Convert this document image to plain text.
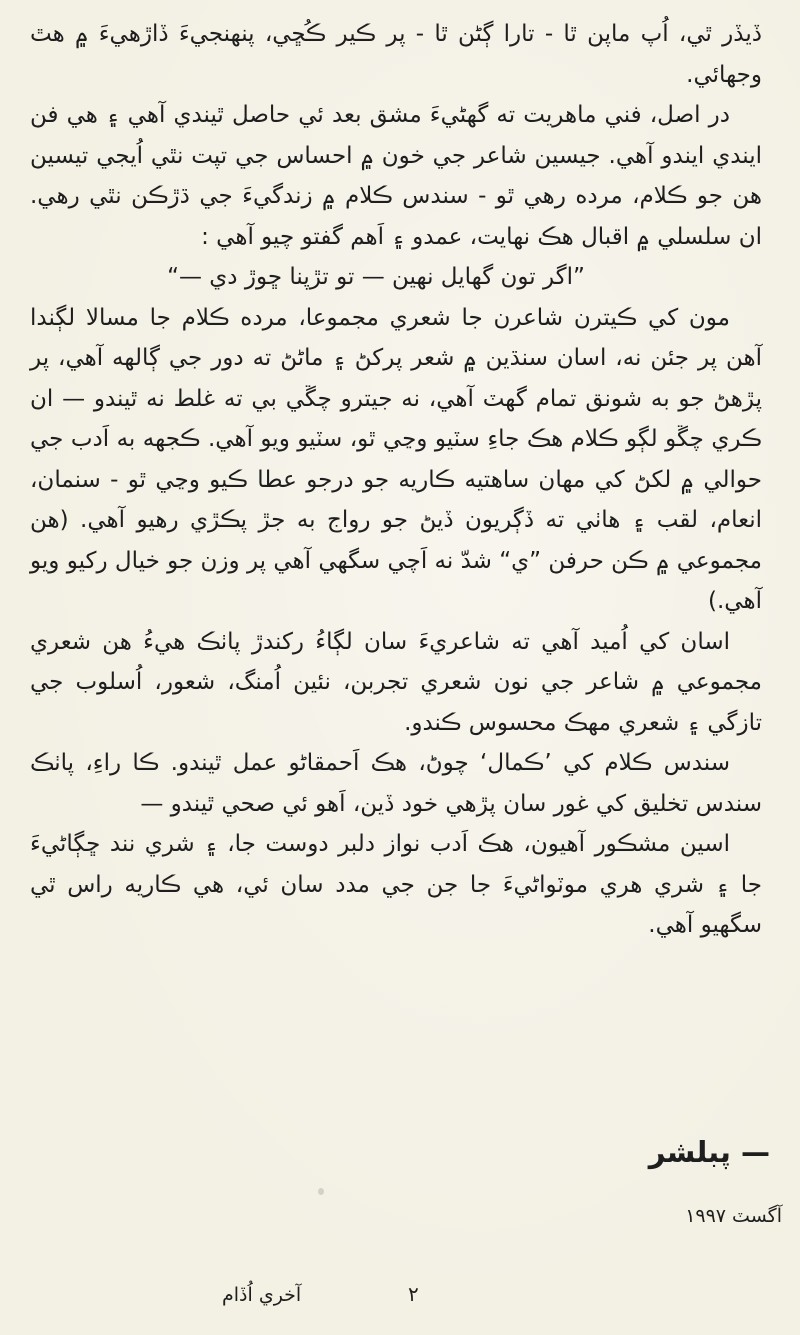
ڏيڏر ٿي، اُپ ماپن ٿا - تارا ڳڻن ٿا - پر ڪير ڪُڇي، پنهنجيءَ ڏاڙهيءَ ۾ هٿ وجهائي.

در اصل، فني ماهريت ته گهڻيءَ مشق بعد ئي حاصل ٿيندي آهي ۽ هي فن ايندي ايندو آهي. جيسين شاعر جي خون ۾ احساس جي تپت نٿي اُيجي تيسين هن جو ڪلام، مرده رهي ٿو - سندس ڪلام ۾ زندگيءَ جي ڌڙڪن نٿي رهي. ان سلسلي ۾ اقبال هڪ نهايت، عمدو ۽ اَهم گفتو چيو آهي :

”اگر تون گهايل نهين — تو تڙپنا ڇوڙ دي —“

مون کي ڪيترن شاعرن جا شعري مجموعا، مرده ڪلام جا مسالا لڳندا آهن پر جئن نه، اسان سنڌين ۾ شعر پرکڻ ۽ ماڻڻ ته دور جي ڳالهه آهي، پر پڙهڻ جو به شونق تمام گهٽ آهي، نه جيترو چڱي بي ته غلط نه ٿيندو — ان ڪري چڱو لڳو ڪلام هڪ جاءِ سٽيو وڃي ٿو، سٽيو ويو آهي. ڪجهه به اَدب جي حوالي ۾ لکڻ کي مهان ساهتيه ڪاريه جو درجو عطا ڪيو وڃي ٿو - سنمان، انعام، لقب ۽ هاٺي ته ڏڳريون ڏيڻ جو رواج به جڙ پڪڙي رهيو آهي. (هن مجموعي ۾ ڪن حرفن ”ي“ شدّ نه اَچي سگهي آهي پر وزن جو خيال رکيو ويو آهي.)

اسان کي اُميد آهي ته شاعريءَ سان لڳاءُ رکندڙ پاٺڪ هيءُ هن شعري مجموعي ۾ شاعر جي نون شعري تجربن، نئين اُمنگ، شعور، اُسلوب جي تازگي ۽ شعري مهڪ محسوس ڪندو.

سندس ڪلام کي ’ڪمال‘ چوڻ، هڪ اَحمقاڻو عمل ٿيندو. ڪا راءِ، پاٺڪ سندس تخليق کي غور سان پڙهي خود ڏين، اَهو ئي صحي ٿيندو —

اسين مشڪور آهيون، هڪ اَدب نواز دلبر دوست جا، ۽ شري نند ڇڳاڻيءَ جا ۽ شري هري موٽواڻيءَ جا جن جي مدد سان ئي، هي ڪاريه راس ٿي سگهيو آهي.

پبلشر —
آگسٽ ١٩٩٧
آخري اُڏام	٢
